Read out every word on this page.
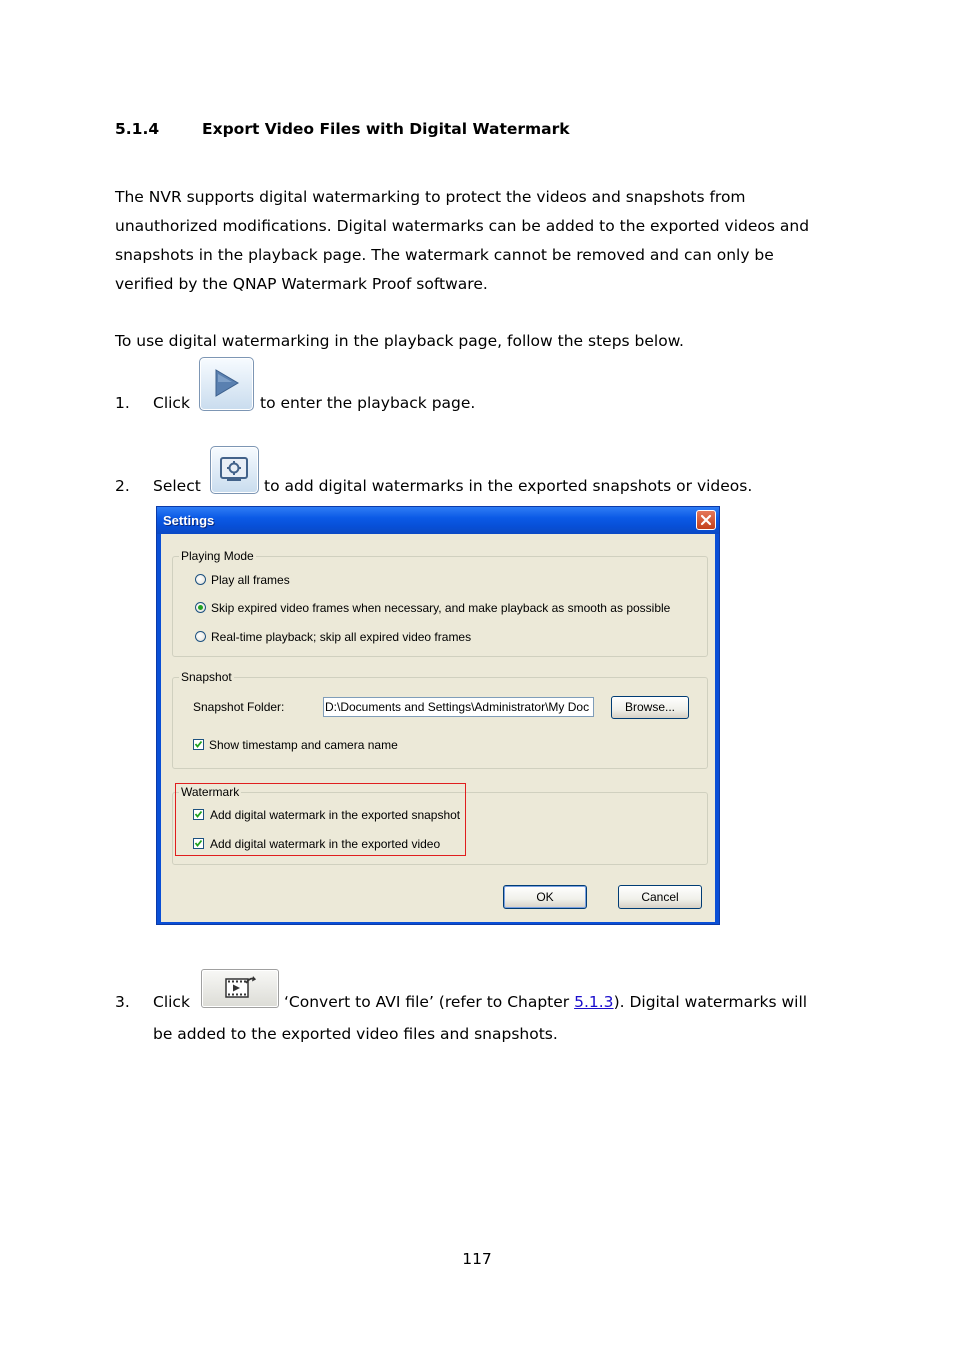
5.1.4	Export Video Files with Digital Watermark
The NVR supports digital watermarking to protect the videos and snapshots from
unauthorized modifications. Digital watermarks can be added to the exported videos and
snapshots in the playback page. The watermark cannot be removed and can only be
verified by the QNAP Watermark Proof software.
To use digital watermarking in the playback page, follow the steps below.
1. Click	to enter the playback page.
2. Select	to add digital watermarks in the exported snapshots or videos.
Settings
Playing Mode
Play all frames
Skip expired video frames when necessary, and make playback as smooth as possible
Real-time playback; skip all expired video frames
Snapshot
Snapshot Folder:	D:\Documents and Settings\Administrator\My Doc	Browse...
Show timestamp and camera name
Watermark
Add digital watermark in the exported snapshot
Add digital watermark in the exported video
OK	Cancel
3. Click	‘Convert to AVI file’ (refer to Chapter 5.1.3). Digital watermarks will
be added to the exported video files and snapshots.
117
